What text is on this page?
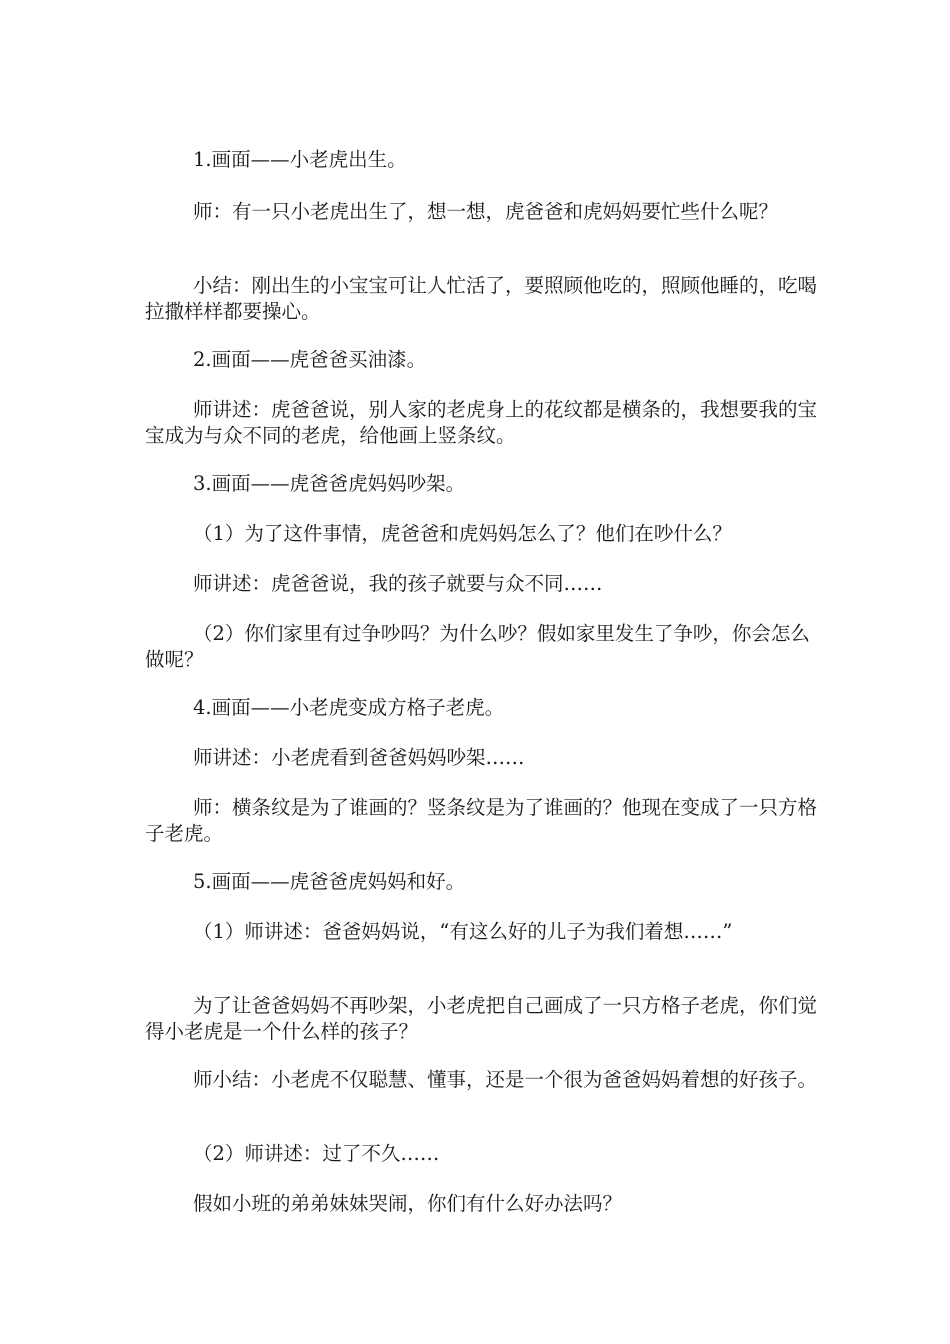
1.画面——小老虎出生。

师：有一只小老虎出生了，想一想，虎爸爸和虎妈妈要忙些什么呢？

小结：刚出生的小宝宝可让人忙活了，要照顾他吃的，照顾他睡的，吃喝拉撒样样都要操心。

2.画面——虎爸爸买油漆。

师讲述：虎爸爸说，别人家的老虎身上的花纹都是横条的，我想要我的宝宝成为与众不同的老虎，给他画上竖条纹。

3.画面——虎爸爸虎妈妈吵架。

（1）为了这件事情，虎爸爸和虎妈妈怎么了？他们在吵什么？

师讲述：虎爸爸说，我的孩子就要与众不同……

（2）你们家里有过争吵吗？为什么吵？假如家里发生了争吵，你会怎么做呢？

4.画面——小老虎变成方格子老虎。

师讲述：小老虎看到爸爸妈妈吵架……

师：横条纹是为了谁画的？竖条纹是为了谁画的？他现在变成了一只方格子老虎。

5.画面——虎爸爸虎妈妈和好。

（1）师讲述：爸爸妈妈说，“有这么好的儿子为我们着想……”

为了让爸爸妈妈不再吵架，小老虎把自己画成了一只方格子老虎，你们觉得小老虎是一个什么样的孩子？

师小结：小老虎不仅聪慧、懂事，还是一个很为爸爸妈妈着想的好孩子。

（2）师讲述：过了不久……

假如小班的弟弟妹妹哭闹，你们有什么好办法吗？
